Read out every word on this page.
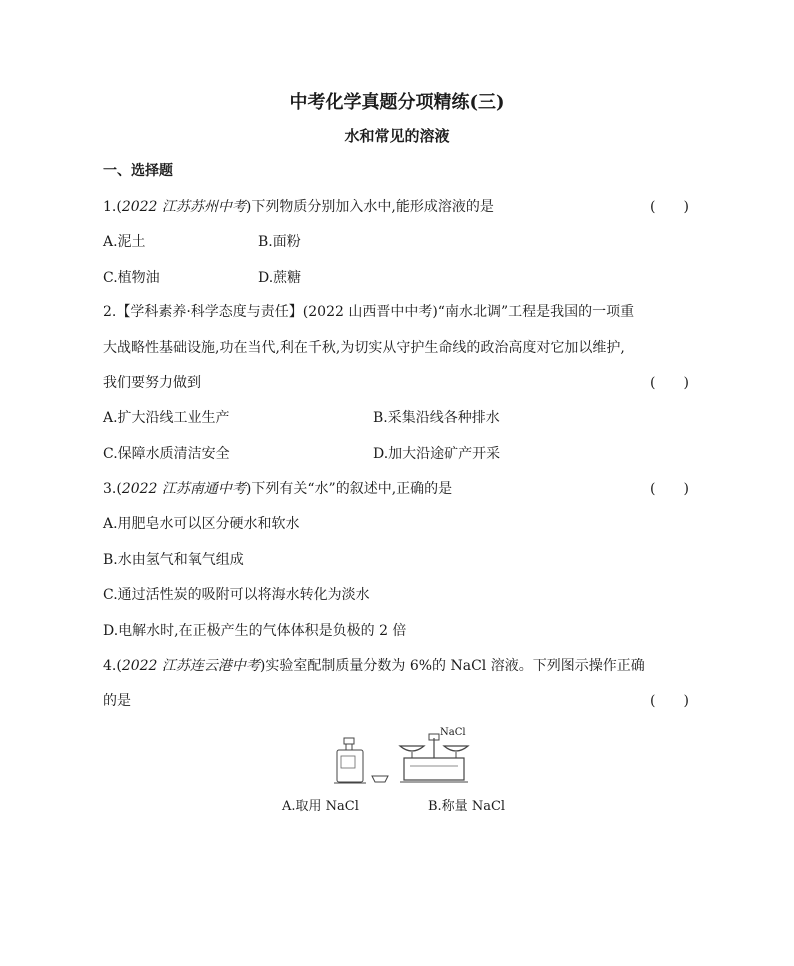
中考化学真题分项精练(三)
水和常见的溶液
一、选择题
1.(2022 江苏苏州中考)下列物质分别加入水中,能形成溶液的是	(　　)
A.泥土	B.面粉
C.植物油	D.蔗糖
2.【学科素养·科学态度与责任】(2022 山西晋中中考)“南水北调”工程是我国的一项重
大战略性基础设施,功在当代,利在千秋,为切实从守护生命线的政治高度对它加以维护,
我们要努力做到	(　　)
A.扩大沿线工业生产	B.采集沿线各种排水
C.保障水质清洁安全	D.加大沿途矿产开采
3.(2022 江苏南通中考)下列有关“水”的叙述中,正确的是	(　　)
A.用肥皂水可以区分硬水和软水
B.水由氢气和氧气组成
C.通过活性炭的吸附可以将海水转化为淡水
D.电解水时,在正极产生的气体体积是负极的 2 倍
4.(2022 江苏连云港中考)实验室配制质量分数为 6%的 NaCl 溶液。下列图示操作正确
的是	(　　)
NaCl
A.取用 NaCl	B.称量 NaCl
